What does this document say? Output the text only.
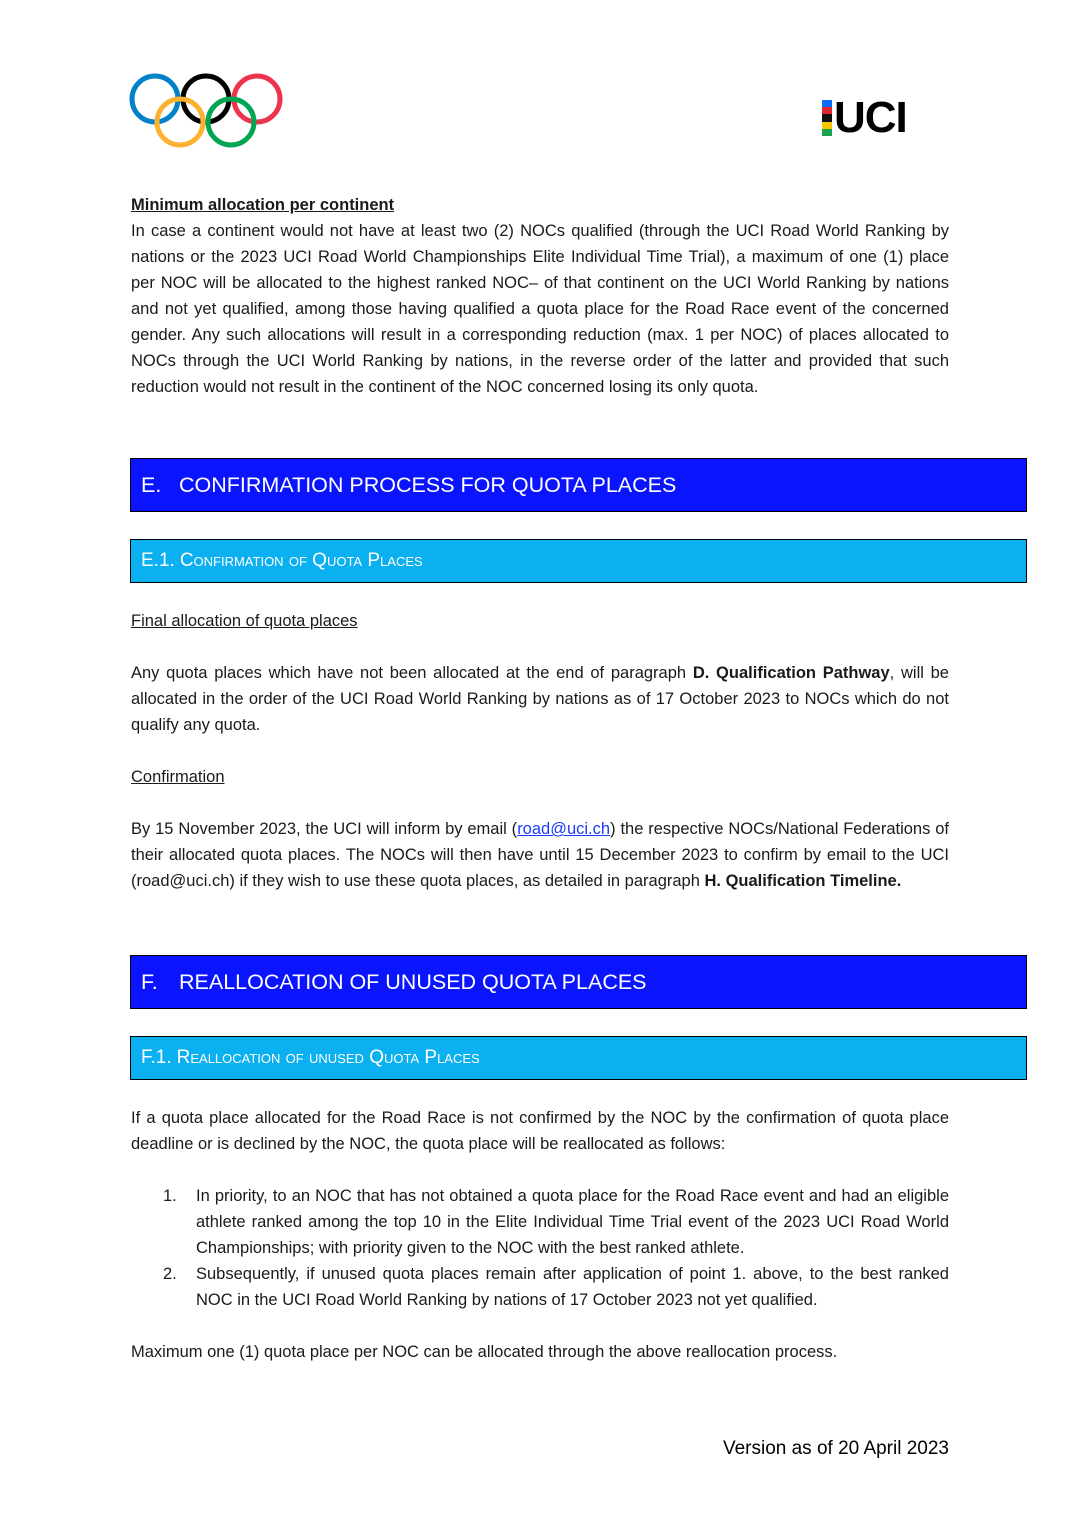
UCI

Minimum allocation per continent

In case a continent would not have at least two (2) NOCs qualified (through the UCI Road World Ranking by nations or the 2023 UCI Road World Championships Elite Individual Time Trial), a maximum of one (1) place per NOC will be allocated to the highest ranked NOC– of that continent on the UCI World Ranking by nations and not yet qualified, among those having qualified a quota place for the Road Race event of the concerned gender. Any such allocations will result in a corresponding reduction (max. 1 per NOC) of places allocated to NOCs through the UCI World Ranking by nations, in the reverse order of the latter and provided that such reduction would not result in the continent of the NOC concerned losing its only quota.

E. CONFIRMATION PROCESS FOR QUOTA PLACES
E.1. Confirmation of Quota Places

Final allocation of quota places

Any quota places which have not been allocated at the end of paragraph D. Qualification Pathway, will be allocated in the order of the UCI Road World Ranking by nations as of 17 October 2023 to NOCs which do not qualify any quota.

Confirmation

By 15 November 2023, the UCI will inform by email (road@uci.ch) the respective NOCs/National Federations of their allocated quota places. The NOCs will then have until 15 December 2023 to confirm by email to the UCI (road@uci.ch) if they wish to use these quota places, as detailed in paragraph H. Qualification Timeline.

F. REALLOCATION OF UNUSED QUOTA PLACES
F.1. Reallocation of unused Quota Places

If a quota place allocated for the Road Race is not confirmed by the NOC by the confirmation of quota place deadline or is declined by the NOC, the quota place will be reallocated as follows:

1. In priority, to an NOC that has not obtained a quota place for the Road Race event and had an eligible athlete ranked among the top 10 in the Elite Individual Time Trial event of the 2023 UCI Road World Championships; with priority given to the NOC with the best ranked athlete.
2. Subsequently, if unused quota places remain after application of point 1. above, to the best ranked NOC in the UCI Road World Ranking by nations of 17 October 2023 not yet qualified.

Maximum one (1) quota place per NOC can be allocated through the above reallocation process.

Version as of 20 April 2023
